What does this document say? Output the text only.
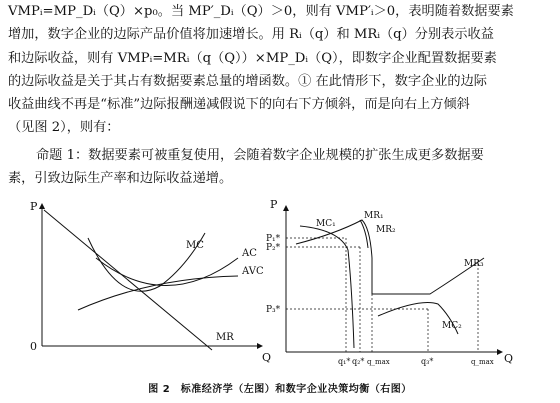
VMPᵢ=MP_Dᵢ（Q）×p₀。当 MP′_Dᵢ（Q）＞0，则有 VMP′ᵢ＞0，表明随着数据要素
增加，数字企业的边际产品价值将加速增长。用 Rᵢ（q）和 MRᵢ（q）分别表示收益
和边际收益，则有 VMPᵢ=MRᵢ（q（Q））×MP_Dᵢ（Q），即数字企业配置数据要素
的边际收益是关于其占有数据要素总量的增函数。① 在此情形下，数字企业的边际
收益曲线不再是“标准”边际报酬递减假说下的向右下方倾斜，而是向右上方倾斜
（见图 2），则有：

命题 1：数据要素可被重复使用，会随着数字企业规模的扩张生成更多数据要
素，引致边际生产率和边际收益递增。

P
Q
0
MC
AC
AVC
MR
P
Q
P₁*
P₂*
P₃*
q₁* q₂* q_max	q₃*	q_max
MC₁
MR₁
MR₂
MR₃
MC₂
图 2　标准经济学（左图）和数字企业决策均衡（右图）
